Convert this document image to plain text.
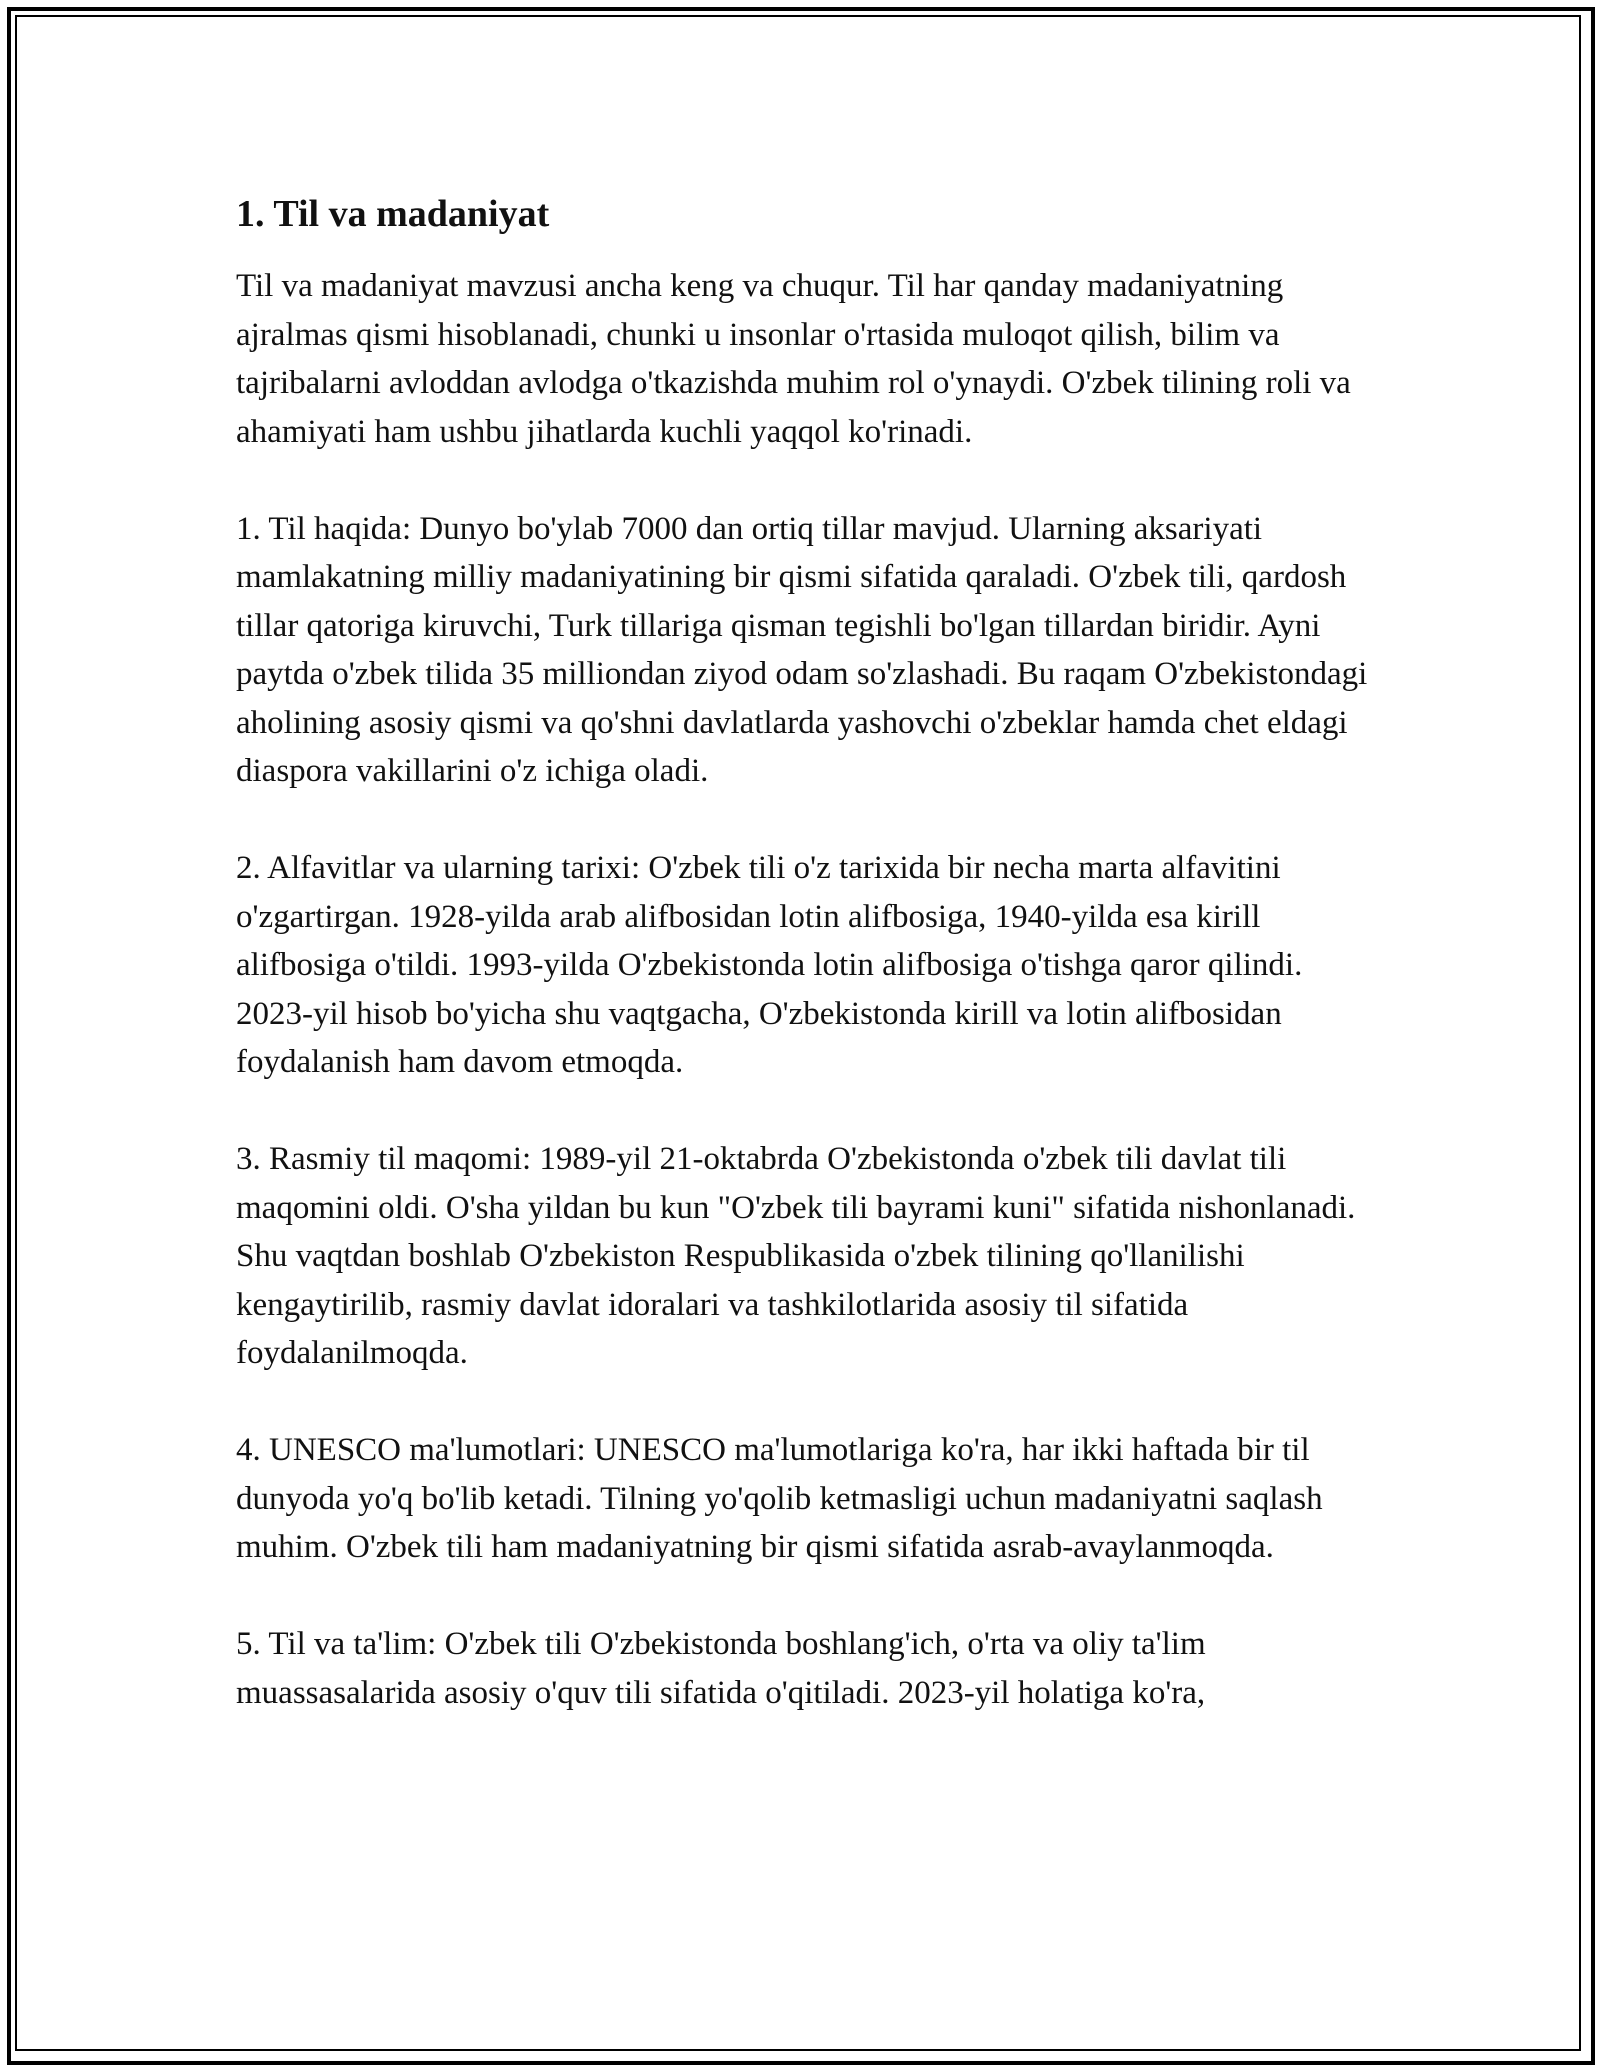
1. Til va madaniyat

Til va madaniyat mavzusi ancha keng va chuqur. Til har qanday madaniyatning ajralmas qismi hisoblanadi, chunki u insonlar o'rtasida muloqot qilish, bilim va tajribalarni avloddan avlodga o'tkazishda muhim rol o'ynaydi. O'zbek tilining roli va ahamiyati ham ushbu jihatlarda kuchli yaqqol ko'rinadi.

1. Til haqida: Dunyo bo'ylab 7000 dan ortiq tillar mavjud. Ularning aksariyati mamlakatning milliy madaniyatining bir qismi sifatida qaraladi. O'zbek tili, qardosh tillar qatoriga kiruvchi, Turk tillariga qisman tegishli bo'lgan tillardan biridir. Ayni paytda o'zbek tilida 35 milliondan ziyod odam so'zlashadi. Bu raqam O'zbekistondagi aholining asosiy qismi va qo'shni davlatlarda yashovchi o'zbeklar hamda chet eldagi diaspora vakillarini o'z ichiga oladi.

2. Alfavitlar va ularning tarixi: O'zbek tili o'z tarixida bir necha marta alfavitini o'zgartirgan. 1928-yilda arab alifbosidan lotin alifbosiga, 1940-yilda esa kirill alifbosiga o'tildi. 1993-yilda O'zbekistonda lotin alifbosiga o'tishga qaror qilindi. 2023-yil hisob bo'yicha shu vaqtgacha, O'zbekistonda kirill va lotin alifbosidan foydalanish ham davom etmoqda.

3. Rasmiy til maqomi: 1989-yil 21-oktabrda O'zbekistonda o'zbek tili davlat tili maqomini oldi. O'sha yildan bu kun "O'zbek tili bayrami kuni" sifatida nishonlanadi. Shu vaqtdan boshlab O'zbekiston Respublikasida o'zbek tilining qo'llanilishi kengaytirilib, rasmiy davlat idoralari va tashkilotlarida asosiy til sifatida foydalanilmoqda.

4. UNESCO ma'lumotlari: UNESCO ma'lumotlariga ko'ra, har ikki haftada bir til dunyoda yo'q bo'lib ketadi. Tilning yo'qolib ketmasligi uchun madaniyatni saqlash muhim. O'zbek tili ham madaniyatning bir qismi sifatida asrab-avaylanmoqda.

5. Til va ta'lim: O'zbek tili O'zbekistonda boshlang'ich, o'rta va oliy ta'lim muassasalarida asosiy o'quv tili sifatida o'qitiladi. 2023-yil holatiga ko'ra,
